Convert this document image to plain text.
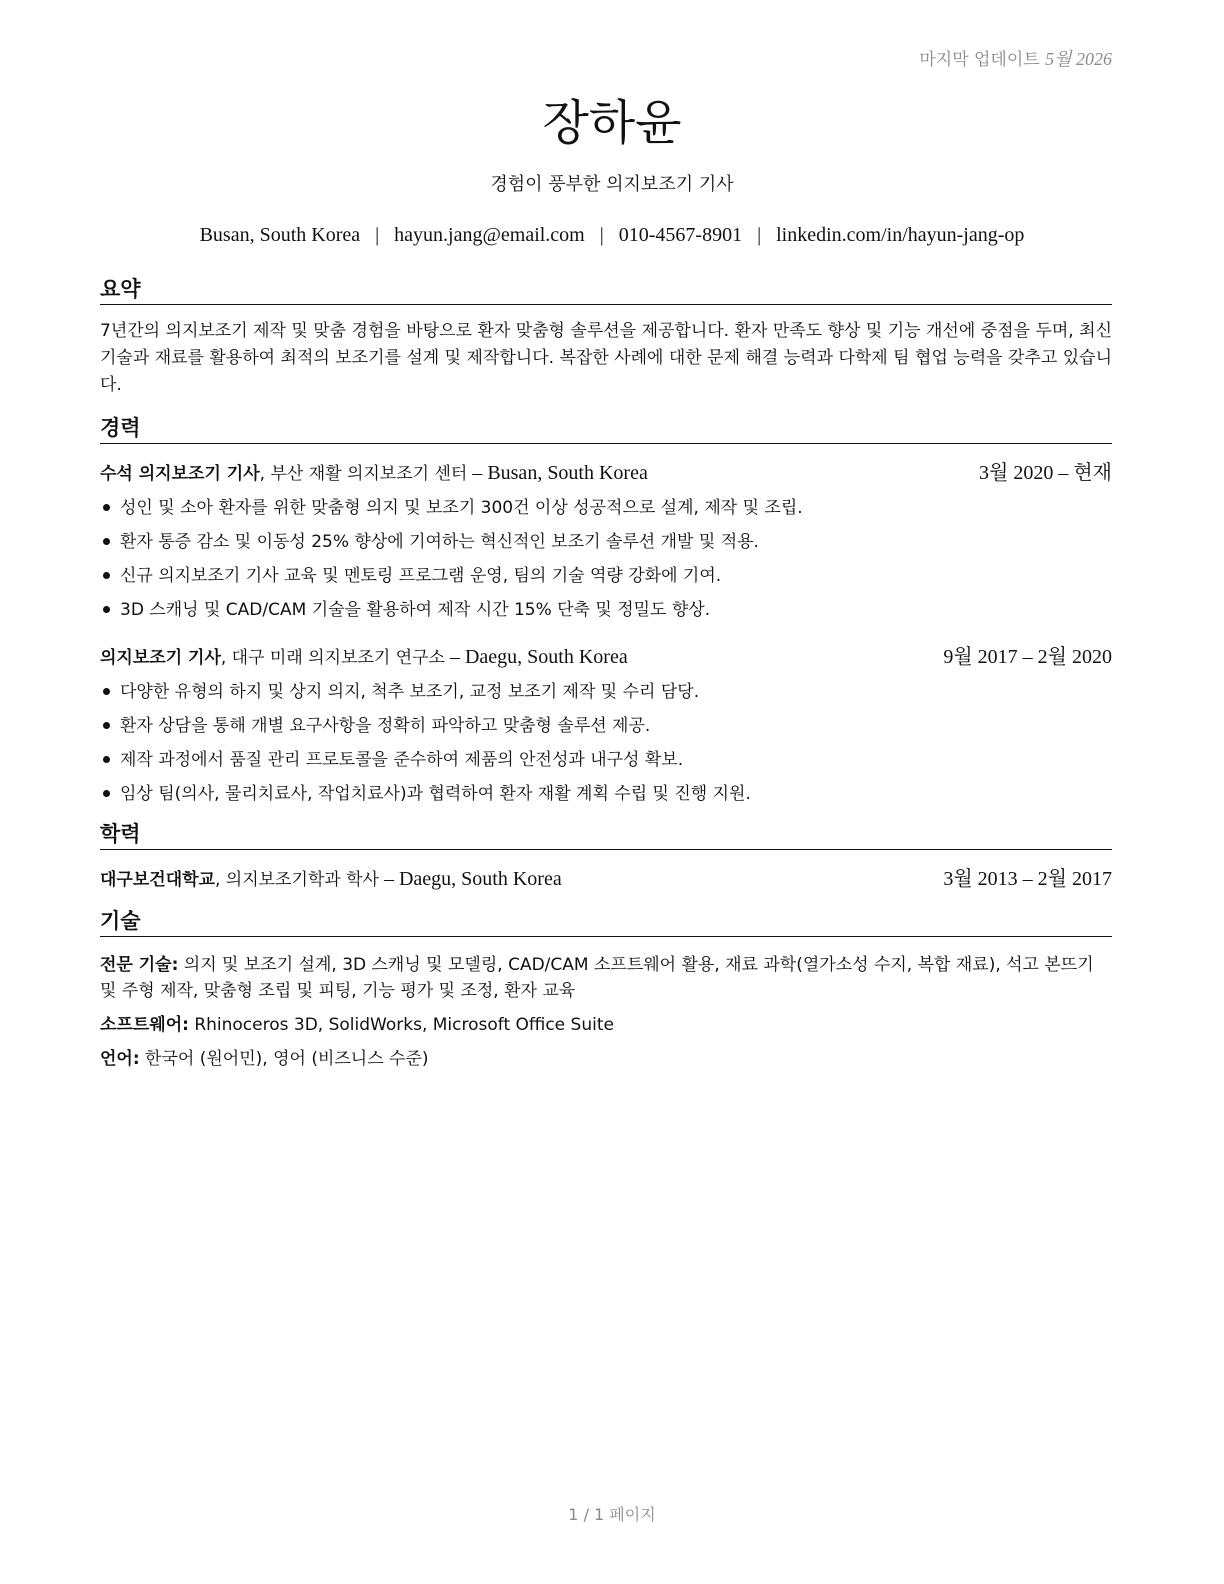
마지막 업데이트 5월 2026
장하윤
경험이 풍부한 의지보조기 기사
Busan, South Korea | hayun.jang@email.com | 010-4567-8901 | linkedin.com/in/hayun-jang-op
요약

7년간의 의지보조기 제작 및 맞춤 경험을 바탕으로 환자 맞춤형 솔루션을 제공합니다. 환자 만족도 향상 및 기능 개선에 중점을 두며, 최신 기술과 재료를 활용하여 최적의 보조기를 설계 및 제작합니다. 복잡한 사례에 대한 문제 해결 능력과 다학제 팀 협업 능력을 갖추고 있습니다.

경력
수석 의지보조기 기사, 부산 재활 의지보조기 센터 – Busan, South Korea	3월 2020 – 현재
성인 및 소아 환자를 위한 맞춤형 의지 및 보조기 300건 이상 성공적으로 설계, 제작 및 조립.
환자 통증 감소 및 이동성 25% 향상에 기여하는 혁신적인 보조기 솔루션 개발 및 적용.
신규 의지보조기 기사 교육 및 멘토링 프로그램 운영, 팀의 기술 역량 강화에 기여.
3D 스캐닝 및 CAD/CAM 기술을 활용하여 제작 시간 15% 단축 및 정밀도 향상.
의지보조기 기사, 대구 미래 의지보조기 연구소 – Daegu, South Korea	9월 2017 – 2월 2020
다양한 유형의 하지 및 상지 의지, 척추 보조기, 교정 보조기 제작 및 수리 담당.
환자 상담을 통해 개별 요구사항을 정확히 파악하고 맞춤형 솔루션 제공.
제작 과정에서 품질 관리 프로토콜을 준수하여 제품의 안전성과 내구성 확보.
임상 팀(의사, 물리치료사, 작업치료사)과 협력하여 환자 재활 계획 수립 및 진행 지원.
학력
대구보건대학교, 의지보조기학과 학사 – Daegu, South Korea	3월 2013 – 2월 2017
기술

전문 기술: 의지 및 보조기 설계, 3D 스캐닝 및 모델링, CAD/CAM 소프트웨어 활용, 재료 과학(열가소성 수지, 복합 재료), 석고 본뜨기 및 주형 제작, 맞춤형 조립 및 피팅, 기능 평가 및 조정, 환자 교육

소프트웨어: Rhinoceros 3D, SolidWorks, Microsoft Office Suite

언어: 한국어 (원어민), 영어 (비즈니스 수준)

1 / 1 페이지
